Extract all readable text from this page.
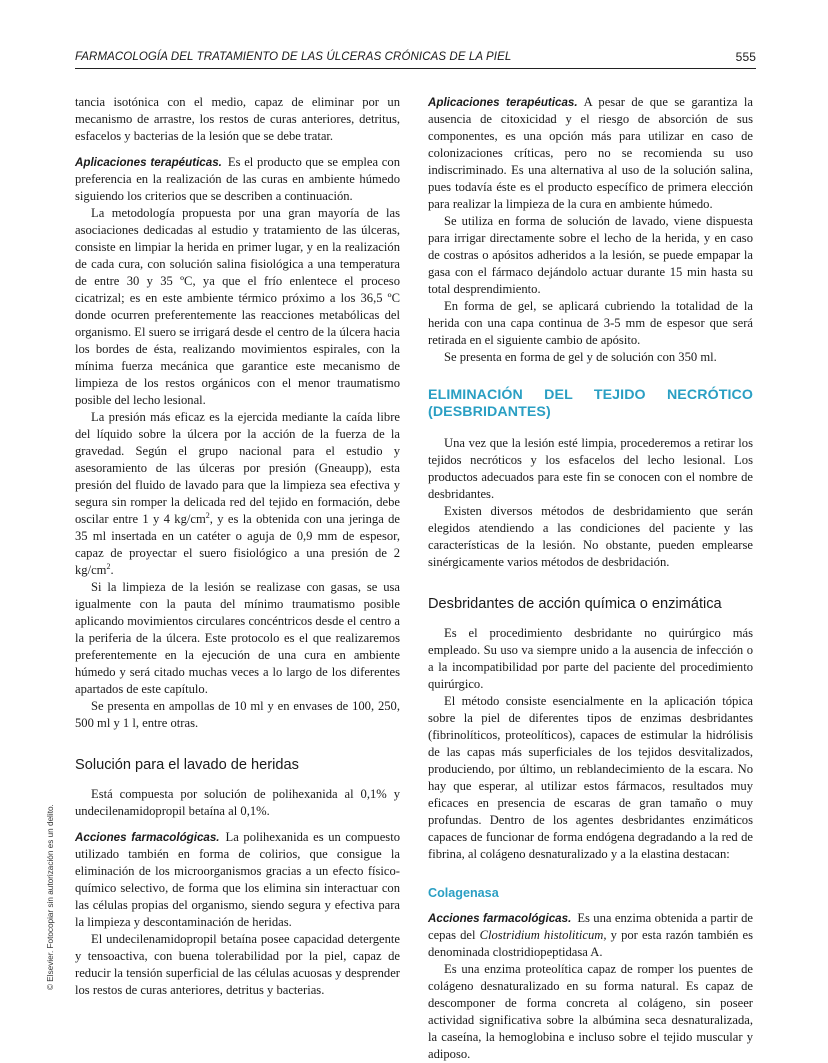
FARMACOLOGÍA DEL TRATAMIENTO DE LAS ÚLCERAS CRÓNICAS DE LA PIEL	555
© Elsevier. Fotocopiar sin autorización es un delito.

tancia isotónica con el medio, capaz de eliminar por un mecanismo de arrastre, los restos de curas anteriores, detritus, esfacelos y bacterias de la lesión que se debe tratar.

Aplicaciones terapéuticas. Es el producto que se emplea con preferencia en la realización de las curas en ambiente húmedo siguiendo los criterios que se describen a continuación.

La metodología propuesta por una gran mayoría de las asociaciones dedicadas al estudio y tratamiento de las úlceras, consiste en limpiar la herida en primer lugar, y en la realización de cada cura, con solución salina fisiológica a una temperatura de entre 30 y 35 ºC, ya que el frío enlentece el proceso cicatrizal; es en este ambiente térmico próximo a los 36,5 ºC donde ocurren preferentemente las reacciones metabólicas del organismo. El suero se irrigará desde el centro de la úlcera hacia los bordes de ésta, realizando movimientos espirales, con la mínima fuerza mecánica que garantice este mecanismo de limpieza de los restos orgánicos con el menor traumatismo posible del lecho lesional.

La presión más eficaz es la ejercida mediante la caída libre del líquido sobre la úlcera por la acción de la fuerza de la gravedad. Según el grupo nacional para el estudio y asesoramiento de las úlceras por presión (Gneaupp), esta presión del fluido de lavado para que la limpieza sea efectiva y segura sin romper la delicada red del tejido en formación, debe oscilar entre 1 y 4 $kg/cm^2$, y es la obtenida con una jeringa de 35 ml insertada en un catéter o aguja de 0,9 mm de espesor, capaz de proyectar el suero fisiológico a una presión de 2 $kg/cm^2$.

Si la limpieza de la lesión se realizase con gasas, se usa igualmente con la pauta del mínimo traumatismo posible aplicando movimientos circulares concéntricos desde el centro a la periferia de la úlcera. Este protocolo es el que realizaremos preferentemente en la ejecución de una cura en ambiente húmedo y será citado muchas veces a lo largo de los diferentes apartados de este capítulo.

Se presenta en ampollas de 10 ml y en envases de 100, 250, 500 ml y 1 l, entre otras.

Solución para el lavado de heridas

Está compuesta por solución de polihexanida al 0,1% y undecilenamidopropil betaína al 0,1%.

Acciones farmacológicas. La polihexanida es un compuesto utilizado también en forma de colirios, que consigue la eliminación de los microorganismos gracias a un efecto físico-químico selectivo, de forma que los elimina sin interactuar con las células propias del organismo, siendo segura y efectiva para la limpieza y descontaminación de heridas.

El undecilenamidopropil betaína posee capacidad detergente y tensoactiva, con buena tolerabilidad por la piel, capaz de reducir la tensión superficial de las células acuosas y desprender los restos de curas anteriores, detritus y bacterias.

Aplicaciones terapéuticas. A pesar de que se garantiza la ausencia de citoxicidad y el riesgo de absorción de sus componentes, es una opción más para utilizar en caso de colonizaciones críticas, pero no se recomienda su uso indiscriminado. Es una alternativa al uso de la solución salina, pues todavía éste es el producto específico de primera elección para realizar la limpieza de la cura en ambiente húmedo.

Se utiliza en forma de solución de lavado, viene dispuesta para irrigar directamente sobre el lecho de la herida, y en caso de costras o apósitos adheridos a la lesión, se puede empapar la gasa con el fármaco dejándolo actuar durante 15 min hasta su total desprendimiento.

En forma de gel, se aplicará cubriendo la totalidad de la herida con una capa continua de 3-5 mm de espesor que será retirada en el siguiente cambio de apósito.

Se presenta en forma de gel y de solución con 350 ml.

ELIMINACIÓN DEL TEJIDO NECRÓTICO (DESBRIDANTES)

Una vez que la lesión esté limpia, procederemos a retirar los tejidos necróticos y los esfacelos del lecho lesional. Los productos adecuados para este fin se conocen con el nombre de desbridantes.

Existen diversos métodos de desbridamiento que serán elegidos atendiendo a las condiciones del paciente y las características de la lesión. No obstante, pueden emplearse sinérgicamente varios métodos de desbridación.

Desbridantes de acción química o enzimática

Es el procedimiento desbridante no quirúrgico más empleado. Su uso va siempre unido a la ausencia de infección o a la incompatibilidad por parte del paciente del procedimiento quirúrgico.

El método consiste esencialmente en la aplicación tópica sobre la piel de diferentes tipos de enzimas desbridantes (fibrinolíticos, proteolíticos), capaces de estimular la hidrólisis de las capas más superficiales de los tejidos desvitalizados, produciendo, por último, un reblandecimiento de la escara. No hay que esperar, al utilizar estos fármacos, resultados muy eficaces en presencia de escaras de gran tamaño o muy profundas. Dentro de los agentes desbridantes enzimáticos capaces de funcionar de forma endógena degradando a la red de fibrina, al colágeno desnaturalizado y a la elastina destacan:

Colagenasa

Acciones farmacológicas. Es una enzima obtenida a partir de cepas del Clostridium histoliticum, y por esta razón también es denominada clostridiopeptidasa A.

Es una enzima proteolítica capaz de romper los puentes de colágeno desnaturalizado en su forma natural. Es capaz de descomponer de forma concreta al colágeno, sin poseer actividad significativa sobre la albúmina seca desnaturalizada, la caseína, la hemoglobina e incluso sobre el tejido muscular y adiposo.
